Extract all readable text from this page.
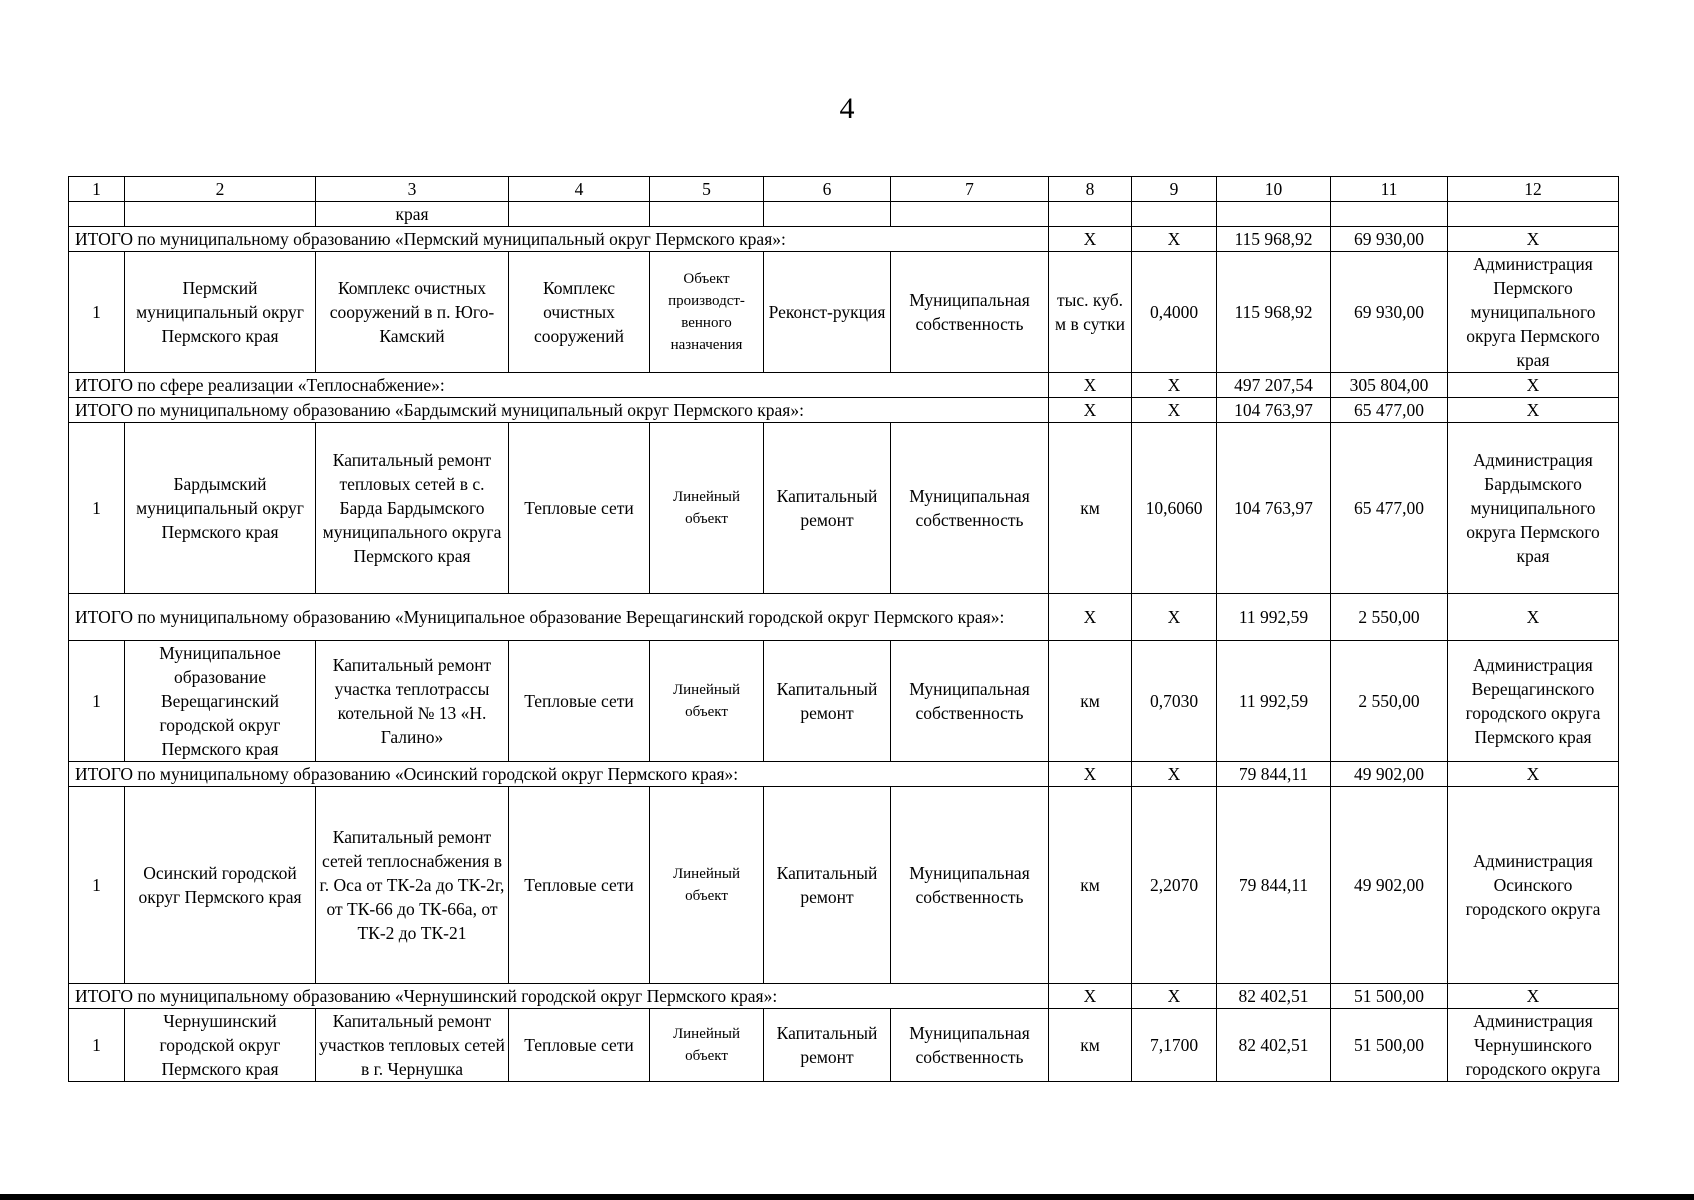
4
1	2	3	4	5	6	7	8	9	10	11	12
		края									
ИТОГО по муниципальному образованию «Пермский муниципальный округ Пермского края»:							X	X	115 968,92	69 930,00	X
1	Пермский муниципальный округ Пермского края	Комплекс очистных сооружений в п. Юго-Камский	Комплекс очистных сооружений	Объект производст-венного назначения	Реконст-рукция	Муниципальная собственность	тыс. куб. м в сутки	0,4000	115 968,92	69 930,00	Администрация Пермского муниципального округа Пермского края
ИТОГО по сфере реализации «Теплоснабжение»:							X	X	497 207,54	305 804,00	X
ИТОГО по муниципальному образованию «Бардымский муниципальный округ Пермского края»:							X	X	104 763,97	65 477,00	X
1	Бардымский муниципальный округ Пермского края	Капитальный ремонт тепловых сетей в с. Барда Бардымского муниципального округа Пермского края	Тепловые сети	Линейный объект	Капитальный ремонт	Муниципальная собственность	км	10,6060	104 763,97	65 477,00	Администрация Бардымского муниципального округа Пермского края
ИТОГО по муниципальному образованию «Муниципальное образование Верещагинский городской округ Пермского края»:							X	X	11 992,59	2 550,00	X
1	Муниципальное образование Верещагинский городской округ Пермского края	Капитальный ремонт участка теплотрассы котельной № 13 «Н. Галино»	Тепловые сети	Линейный объект	Капитальный ремонт	Муниципальная собственность	км	0,7030	11 992,59	2 550,00	Администрация Верещагинского городского округа Пермского края
ИТОГО по муниципальному образованию «Осинский городской округ Пермского края»:							X	X	79 844,11	49 902,00	X
1	Осинский городской округ Пермского края	Капитальный ремонт сетей теплоснабжения в г. Оса от ТК-2а до ТК-2г, от ТК-66 до ТК-66а, от ТК-2 до ТК-21	Тепловые сети	Линейный объект	Капитальный ремонт	Муниципальная собственность	км	2,2070	79 844,11	49 902,00	Администрация Осинского городского округа
ИТОГО по муниципальному образованию «Чернушинский городской округ Пермского края»:							X	X	82 402,51	51 500,00	X
1	Чернушинский городской округ Пермского края	Капитальный ремонт участков тепловых сетей в г. Чернушка	Тепловые сети	Линейный объект	Капитальный ремонт	Муниципальная собственность	км	7,1700	82 402,51	51 500,00	Администрация Чернушинского городского округа
